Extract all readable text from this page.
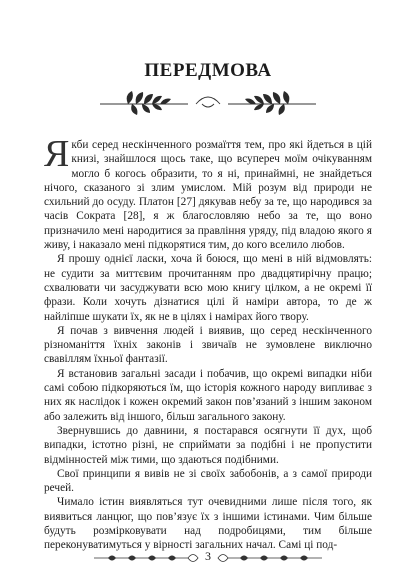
ПЕРЕДМОВА

Якби серед нескінченного розмаїття тем, про які йдеться в цій книзі, знайшлося щось таке, що всупереч моїм очікуванням могло б когось образити, то я ні, принаймні, не знайдеться нічого, сказаного зі злим умислом. Мій розум від природи не схильний до осуду. Платон [27] дякував небу за те, що народився за часів Сократа [28], я ж благословляю небо за те, що воно призначило мені народитися за правління уряду, під владою якого я живу, і наказало мені підкорятися тим, до кого вселило любов.

Я прошу однієї ласки, хоча й боюся, що мені в ній відмовлять: не судити за миттєвим прочитанням про двадцятирічну працю; схвалювати чи засуджувати всю мою книгу цілком, а не окремі її фрази. Коли хочуть дізнатися цілі й наміри автора, то де ж найліпше шукати їх, як не в цілях і намірах його твору.

Я почав з вивчення людей і виявив, що серед нескінченного різноманіття їхніх законів і звичаїв не зумовлене виключно свавіллям їхньої фантазії.

Я встановив загальні засади і побачив, що окремі випадки ніби самі собою підкоряються їм, що історія кожного народу випливає з них як наслідок і кожен окремий закон пов’язаний з іншим законом або залежить від іншого, більш загального закону.

Звернувшись до давнини, я постарався осягнути її дух, щоб випадки, істотно різні, не сприймати за подібні і не пропустити відмінностей між тими, що здаються подібними.

Свої принципи я вивів не зі своїх забобонів, а з самої природи речей.

Чимало істин виявляться тут очевидними лише після того, як виявиться ланцюг, що пов’язує їх з іншими істинами. Чим більше будуть розмірковувати над подробицями, тим більше переконуватимуться у вірності загальних начал. Самі ці под-

3
